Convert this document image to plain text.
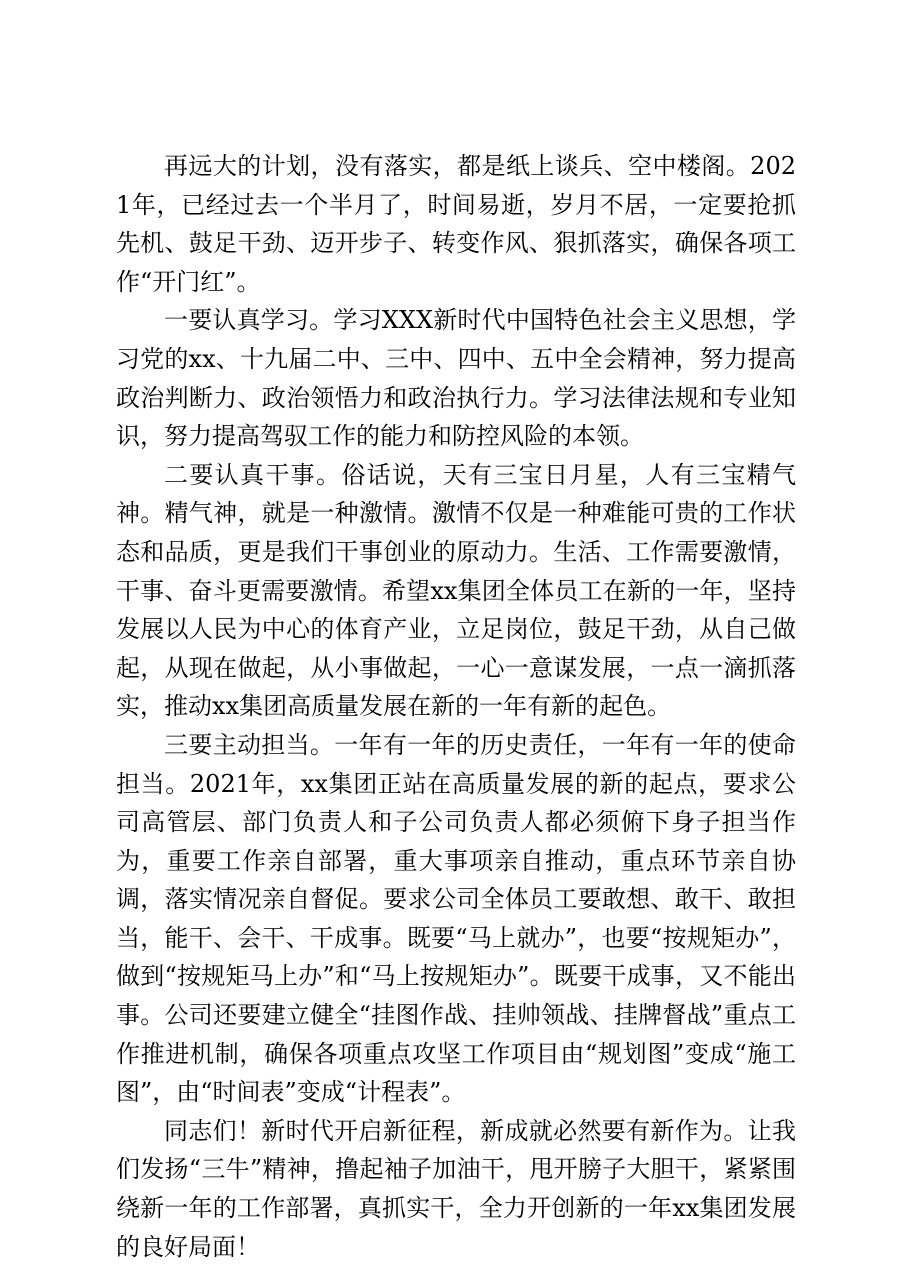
再远大的计划，没有落实，都是纸上谈兵、空中楼阁。2021年，已经过去一个半月了，时间易逝，岁月不居，一定要抢抓先机、鼓足干劲、迈开步子、转变作风、狠抓落实，确保各项工作“开门红”。

一要认真学习。学习XXX新时代中国特色社会主义思想，学习党的xx、十九届二中、三中、四中、五中全会精神，努力提高政治判断力、政治领悟力和政治执行力。学习法律法规和专业知识，努力提高驾驭工作的能力和防控风险的本领。

二要认真干事。俗话说，天有三宝日月星，人有三宝精气神。精气神，就是一种激情。激情不仅是一种难能可贵的工作状态和品质，更是我们干事创业的原动力。生活、工作需要激情，干事、奋斗更需要激情。希望xx集团全体员工在新的一年，坚持发展以人民为中心的体育产业，立足岗位，鼓足干劲，从自己做起，从现在做起，从小事做起，一心一意谋发展，一点一滴抓落实，推动xx集团高质量发展在新的一年有新的起色。

三要主动担当。一年有一年的历史责任，一年有一年的使命担当。2021年，xx集团正站在高质量发展的新的起点，要求公司高管层、部门负责人和子公司负责人都必须俯下身子担当作为，重要工作亲自部署，重大事项亲自推动，重点环节亲自协调，落实情况亲自督促。要求公司全体员工要敢想、敢干、敢担当，能干、会干、干成事。既要“马上就办”，也要“按规矩办”，做到“按规矩马上办”和“马上按规矩办”。既要干成事，又不能出事。公司还要建立健全“挂图作战、挂帅领战、挂牌督战”重点工作推进机制，确保各项重点攻坚工作项目由“规划图”变成“施工图”，由“时间表”变成“计程表”。

同志们！新时代开启新征程，新成就必然要有新作为。让我们发扬“三牛”精神，撸起袖子加油干，甩开膀子大胆干，紧紧围绕新一年的工作部署，真抓实干，全力开创新的一年xx集团发展的良好局面！
